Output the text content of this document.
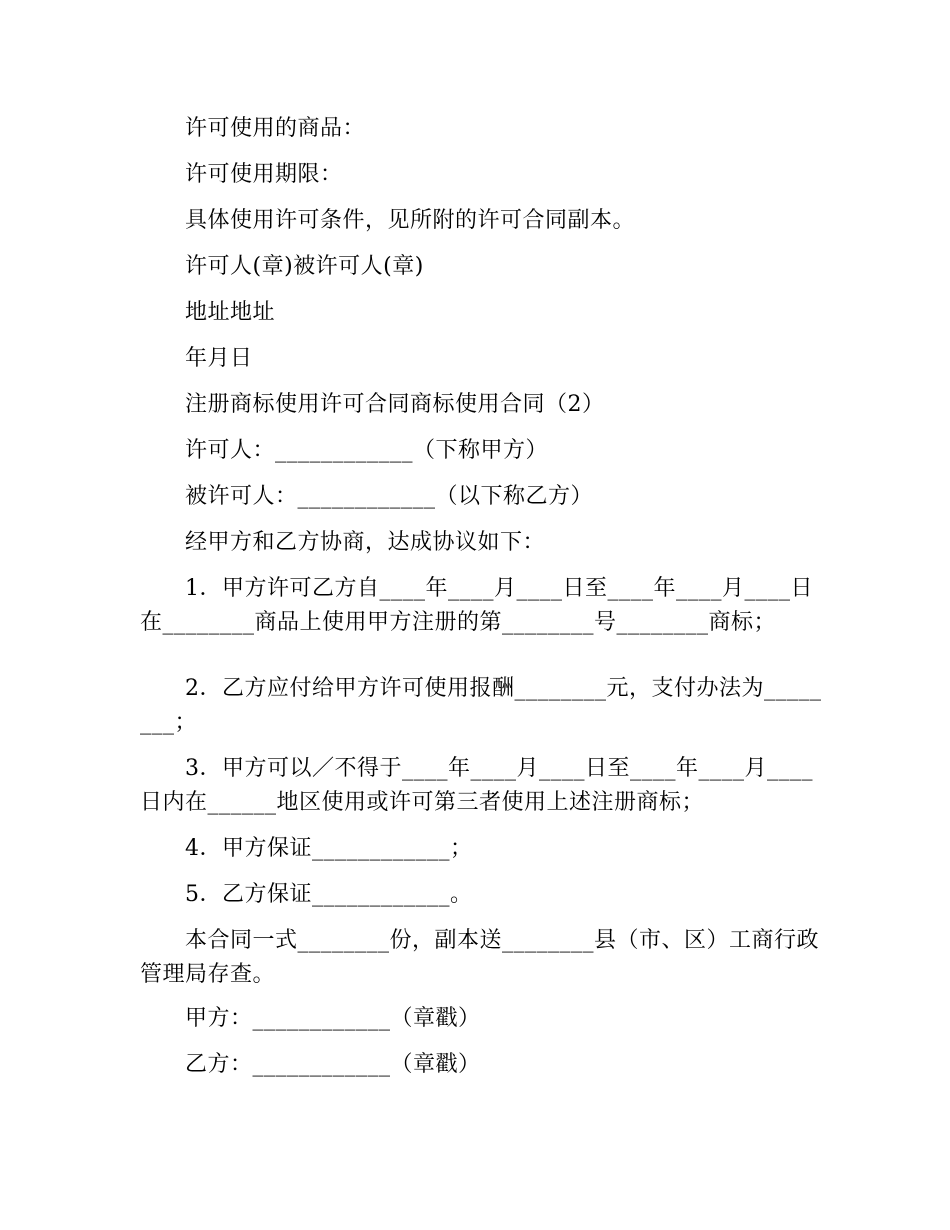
许可使用的商品：

许可使用期限：

具体使用许可条件，见所附的许可合同副本。

许可人(章)被许可人(章)

地址地址

年月日

注册商标使用许可合同商标使用合同（2）

许可人：____________（下称甲方）

被许可人：____________（以下称乙方）

经甲方和乙方协商，达成协议如下：

1．甲方许可乙方自____年____月____日至____年____月____日在________商品上使用甲方注册的第________号________商标；

2．乙方应付给甲方许可使用报酬________元，支付办法为________；

3．甲方可以／不得于____年____月____日至____年____月____日内在______地区使用或许可第三者使用上述注册商标；

4．甲方保证____________；

5．乙方保证____________。

本合同一式________份，副本送________县（市、区）工商行政管理局存查。

甲方：____________（章戳）

乙方：____________（章戳）
